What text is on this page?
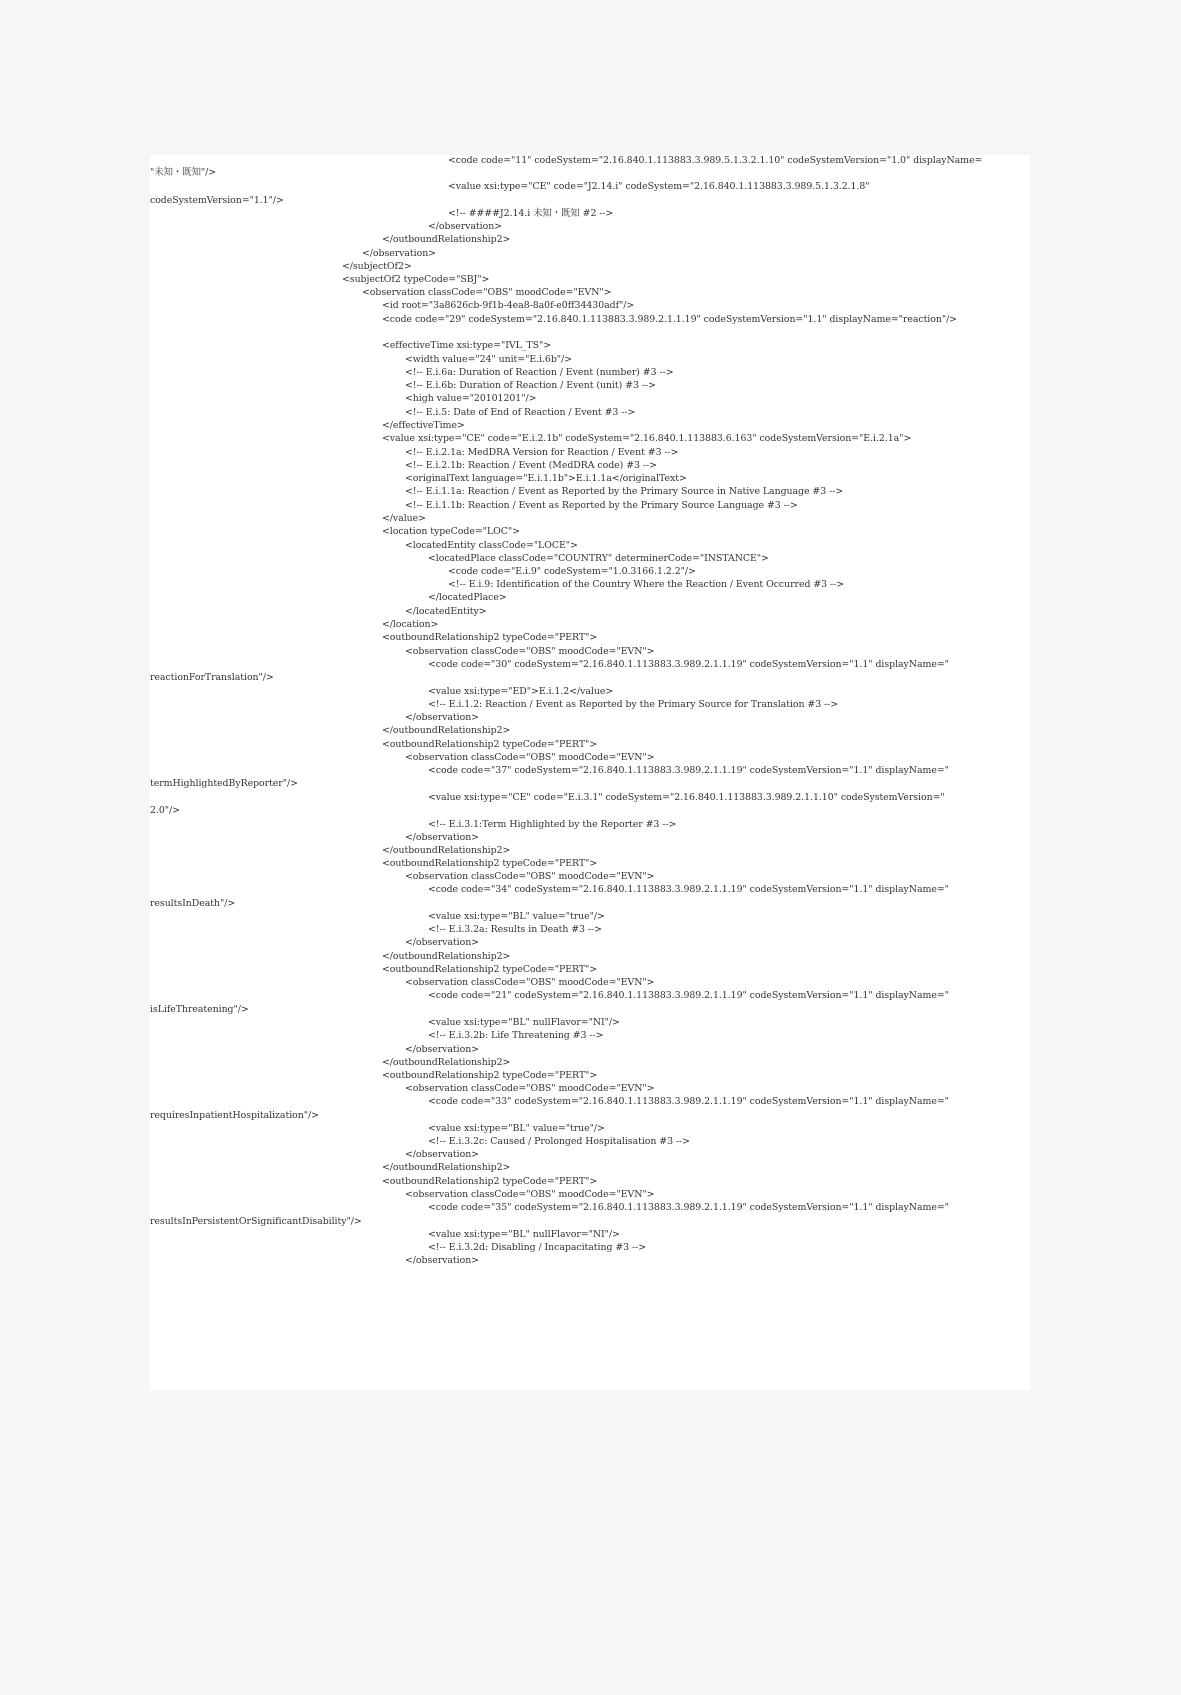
<code code="11" codeSystem="2.16.840.1.113883.3.989.5.1.3.2.1.10" codeSystemVersion="1.0" displayName=
"未知・既知"/>
<value xsi:type="CE" code="J2.14.i" codeSystem="2.16.840.1.113883.3.989.5.1.3.2.1.8"
codeSystemVersion="1.1"/>
<!-- ####J2.14.i 未知・既知 #2 -->
</observation>
</outboundRelationship2>
</observation>
</subjectOf2>
<subjectOf2 typeCode="SBJ">
<observation classCode="OBS" moodCode="EVN">
<id root="3a8626cb-9f1b-4ea8-8a0f-e0ff34430adf"/>
<code code="29" codeSystem="2.16.840.1.113883.3.989.2.1.1.19" codeSystemVersion="1.1" displayName="reaction"/>
<effectiveTime xsi:type="IVL_TS">
<width value="24" unit="E.i.6b"/>
<!-- E.i.6a: Duration of Reaction / Event (number) #3 -->
<!-- E.i.6b: Duration of Reaction / Event (unit) #3 -->
<high value="20101201"/>
<!-- E.i.5: Date of End of Reaction / Event #3 -->
</effectiveTime>
<value xsi:type="CE" code="E.i.2.1b" codeSystem="2.16.840.1.113883.6.163" codeSystemVersion="E.i.2.1a">
<!-- E.i.2.1a: MedDRA Version for Reaction / Event #3 -->
<!-- E.i.2.1b: Reaction / Event (MedDRA code) #3 -->
<originalText language="E.i.1.1b">E.i.1.1a</originalText>
<!-- E.i.1.1a: Reaction / Event as Reported by the Primary Source in Native Language #3 -->
<!-- E.i.1.1b: Reaction / Event as Reported by the Primary Source Language #3 -->
</value>
<location typeCode="LOC">
<locatedEntity classCode="LOCE">
<locatedPlace classCode="COUNTRY" determinerCode="INSTANCE">
<code code="E.i.9" codeSystem="1.0.3166.1.2.2"/>
<!-- E.i.9: Identification of the Country Where the Reaction / Event Occurred #3 -->
</locatedPlace>
</locatedEntity>
</location>
<outboundRelationship2 typeCode="PERT">
<observation classCode="OBS" moodCode="EVN">
<code code="30" codeSystem="2.16.840.1.113883.3.989.2.1.1.19" codeSystemVersion="1.1" displayName="
reactionForTranslation"/>
<value xsi:type="ED">E.i.1.2</value>
<!-- E.i.1.2: Reaction / Event as Reported by the Primary Source for Translation #3 -->
</observation>
</outboundRelationship2>
<outboundRelationship2 typeCode="PERT">
<observation classCode="OBS" moodCode="EVN">
<code code="37" codeSystem="2.16.840.1.113883.3.989.2.1.1.19" codeSystemVersion="1.1" displayName="
termHighlightedByReporter"/>
<value xsi:type="CE" code="E.i.3.1" codeSystem="2.16.840.1.113883.3.989.2.1.1.10" codeSystemVersion="
2.0"/>
<!-- E.i.3.1:Term Highlighted by the Reporter #3 -->
</observation>
</outboundRelationship2>
<outboundRelationship2 typeCode="PERT">
<observation classCode="OBS" moodCode="EVN">
<code code="34" codeSystem="2.16.840.1.113883.3.989.2.1.1.19" codeSystemVersion="1.1" displayName="
resultsInDeath"/>
<value xsi:type="BL" value="true"/>
<!-- E.i.3.2a: Results in Death #3 -->
</observation>
</outboundRelationship2>
<outboundRelationship2 typeCode="PERT">
<observation classCode="OBS" moodCode="EVN">
<code code="21" codeSystem="2.16.840.1.113883.3.989.2.1.1.19" codeSystemVersion="1.1" displayName="
isLifeThreatening"/>
<value xsi:type="BL" nullFlavor="NI"/>
<!-- E.i.3.2b: Life Threatening #3 -->
</observation>
</outboundRelationship2>
<outboundRelationship2 typeCode="PERT">
<observation classCode="OBS" moodCode="EVN">
<code code="33" codeSystem="2.16.840.1.113883.3.989.2.1.1.19" codeSystemVersion="1.1" displayName="
requiresInpatientHospitalization"/>
<value xsi:type="BL" value="true"/>
<!-- E.i.3.2c: Caused / Prolonged Hospitalisation #3 -->
</observation>
</outboundRelationship2>
<outboundRelationship2 typeCode="PERT">
<observation classCode="OBS" moodCode="EVN">
<code code="35" codeSystem="2.16.840.1.113883.3.989.2.1.1.19" codeSystemVersion="1.1" displayName="
resultsInPersistentOrSignificantDisability"/>
<value xsi:type="BL" nullFlavor="NI"/>
<!-- E.i.3.2d: Disabling / Incapacitating #3 -->
</observation>
